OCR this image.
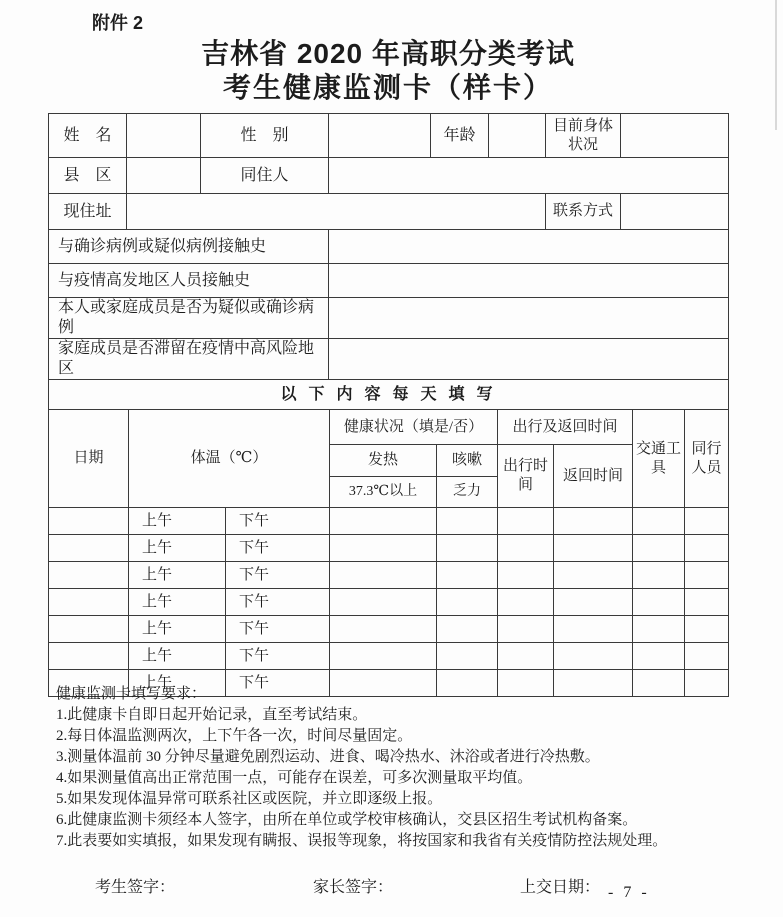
附件 2
吉林省 2020 年高职分类考试
考生健康监测卡（样卡）
姓　名		性　别		年龄		目前身体状况	
县　区		同住人					
现住址						联系方式	
与确诊病例或疑似病例接触史							
与疫情高发地区人员接触史							
本人或家庭成员是否为疑似或确诊病例							
家庭成员是否滞留在疫情中高风险地区							
以 下 内 容 每 天 填 写							
日期	体温（℃）		健康状况（填是/否）		出行及返回时间		交通工具	同行人员
			发热	咳嗽	出行时间	返回时间		
			37.3℃以上	乏力				
	上午	下午						
	上午	下午						
	上午	下午						
	上午	下午						
	上午	下午						
	上午	下午						
	上午	下午						
健康监测卡填写要求：
1.此健康卡自即日起开始记录，直至考试结束。
2.每日体温监测两次，上下午各一次，时间尽量固定。
3.测量体温前 30 分钟尽量避免剧烈运动、进食、喝冷热水、沐浴或者进行冷热敷。
4.如果测量值高出正常范围一点，可能存在误差，可多次测量取平均值。
5.如果发现体温异常可联系社区或医院，并立即逐级上报。
6.此健康监测卡须经本人签字，由所在单位或学校审核确认，交县区招生考试机构备案。
7.此表要如实填报，如果发现有瞒报、误报等现象，将按国家和我省有关疫情防控法规处理。
考生签字：	家长签字：	上交日期： - 7 -
